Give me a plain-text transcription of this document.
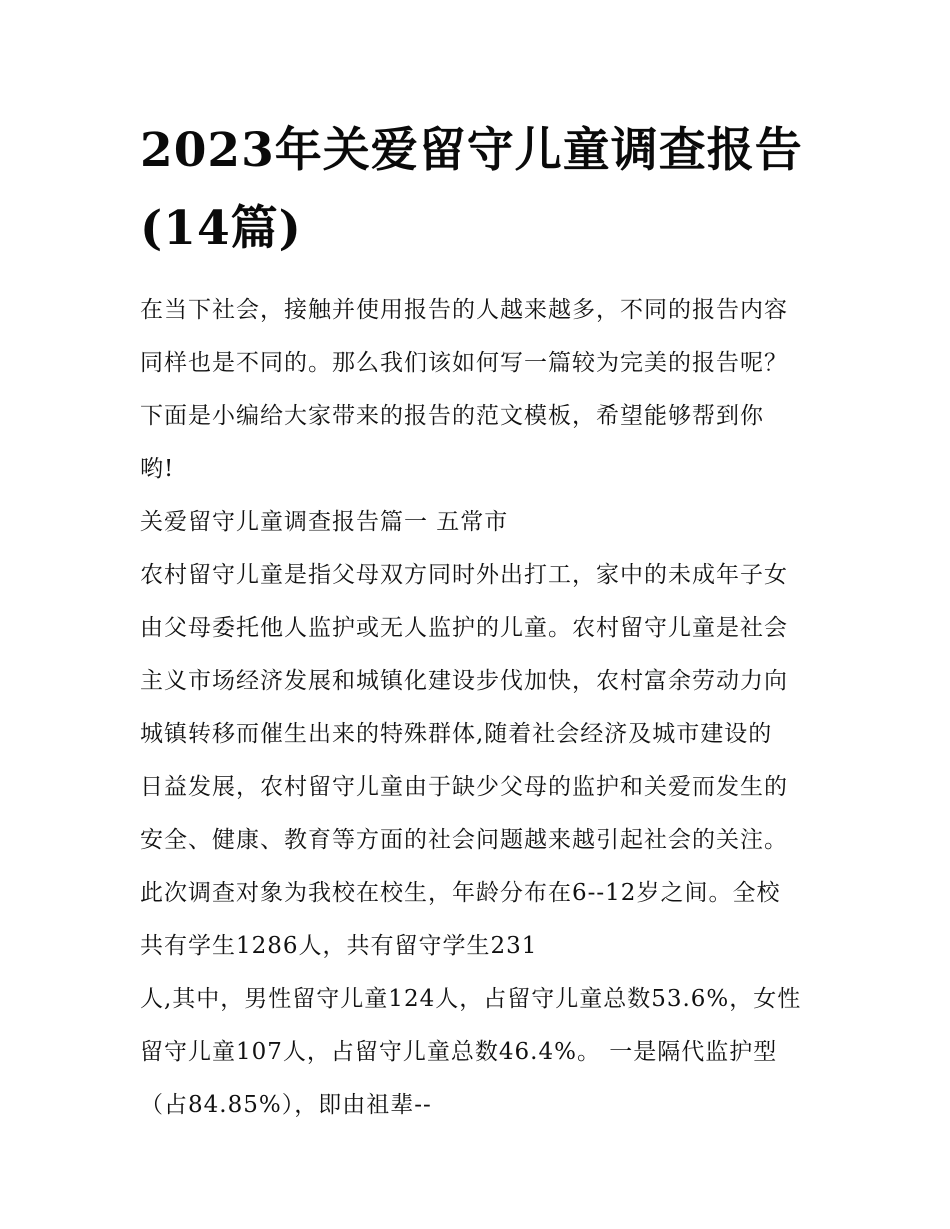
2023年关爱留守儿童调查报告
(14篇)

在当下社会，接触并使用报告的人越来越多，不同的报告内容

同样也是不同的。那么我们该如何写一篇较为完美的报告呢？

下面是小编给大家带来的报告的范文模板，希望能够帮到你

哟!

关爱留守儿童调查报告篇一 五常市

农村留守儿童是指父母双方同时外出打工，家中的未成年子女

由父母委托他人监护或无人监护的儿童。农村留守儿童是社会

主义市场经济发展和城镇化建设步伐加快，农村富余劳动力向

城镇转移而催生出来的特殊群体,随着社会经济及城市建设的

日益发展，农村留守儿童由于缺少父母的监护和关爱而发生的

安全、健康、教育等方面的社会问题越来越引起社会的关注。

此次调查对象为我校在校生，年龄分布在6--12岁之间。全校

共有学生1286人，共有留守学生231

人,其中，男性留守儿童124人，占留守儿童总数53.6%，女性

留守儿童107人，占留守儿童总数46.4%。 一是隔代监护型

（占84.85%），即由祖辈--
